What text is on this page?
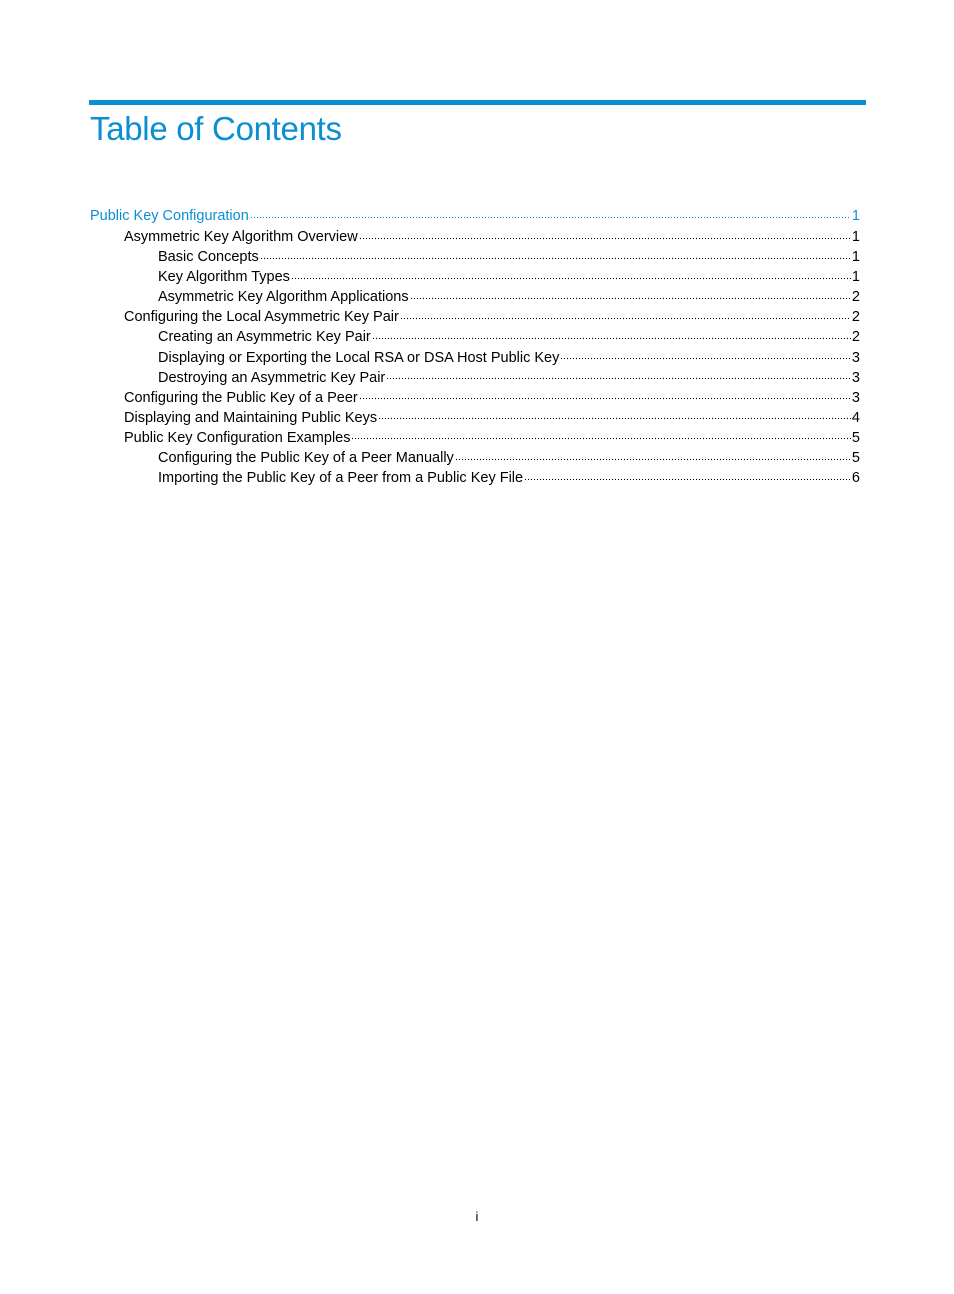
Table of Contents
Public Key Configuration	1
Asymmetric Key Algorithm Overview	1
Basic Concepts	1
Key Algorithm Types	1
Asymmetric Key Algorithm Applications	2
Configuring the Local Asymmetric Key Pair	2
Creating an Asymmetric Key Pair	2
Displaying or Exporting the Local RSA or DSA Host Public Key	3
Destroying an Asymmetric Key Pair	3
Configuring the Public Key of a Peer	3
Displaying and Maintaining Public Keys	4
Public Key Configuration Examples	5
Configuring the Public Key of a Peer Manually	5
Importing the Public Key of a Peer from a Public Key File	6
i
